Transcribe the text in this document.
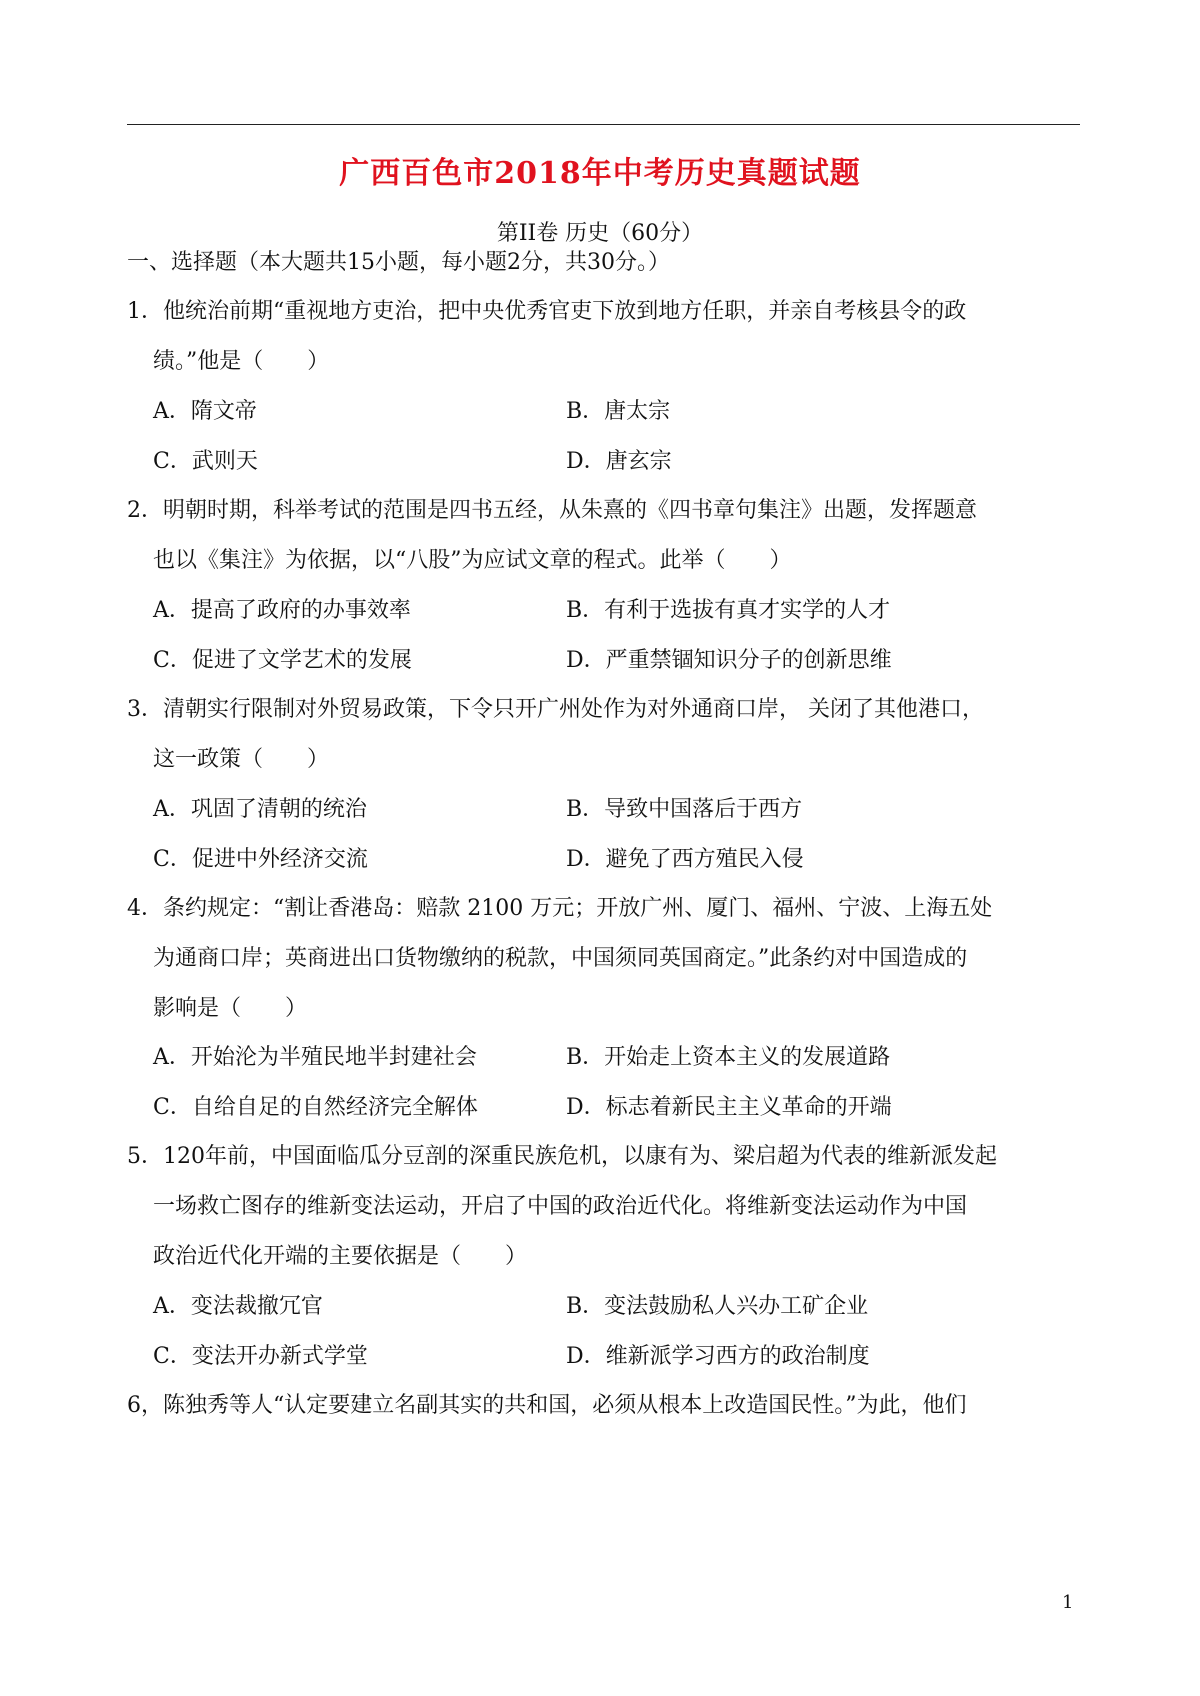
广西百色市2018年中考历史真题试题
第II卷 历史（60分）
一、选择题（本大题共15小题，每小题2分，共30分。）
1．他统治前期“重视地方吏治，把中央优秀官吏下放到地方任职，并亲自考核县令的政
绩。”他是（　　）
A．隋文帝	B．唐太宗
C．武则天	D．唐玄宗
2．明朝时期，科举考试的范围是四书五经，从朱熹的《四书章句集注》出题，发挥题意
也以《集注》为依据，以“八股”为应试文章的程式。此举（　　）
A．提高了政府的办事效率	B．有利于选拔有真才实学的人才
C．促进了文学艺术的发展	D．严重禁锢知识分子的创新思维
3．清朝实行限制对外贸易政策，下令只开广州处作为对外通商口岸， 关闭了其他港口，
这一政策（　　）
A．巩固了清朝的统治	B．导致中国落后于西方
C．促进中外经济交流	D．避免了西方殖民入侵
4．条约规定：“割让香港岛：赔款 2100 万元；开放广州、厦门、福州、宁波、上海五处
为通商口岸；英商进出口货物缴纳的税款，中国须同英国商定。”此条约对中国造成的
影响是（　　）
A．开始沦为半殖民地半封建社会	B．开始走上资本主义的发展道路
C．自给自足的自然经济完全解体	D．标志着新民主主义革命的开端
5．120年前，中国面临瓜分豆剖的深重民族危机，以康有为、梁启超为代表的维新派发起
一场救亡图存的维新变法运动，开启了中国的政治近代化。将维新变法运动作为中国
政治近代化开端的主要依据是（　　）
A．变法裁撤冗官	B．变法鼓励私人兴办工矿企业
C．变法开办新式学堂	D．维新派学习西方的政治制度
6，陈独秀等人“认定要建立名副其实的共和国，必须从根本上改造国民性。”为此，他们
1
